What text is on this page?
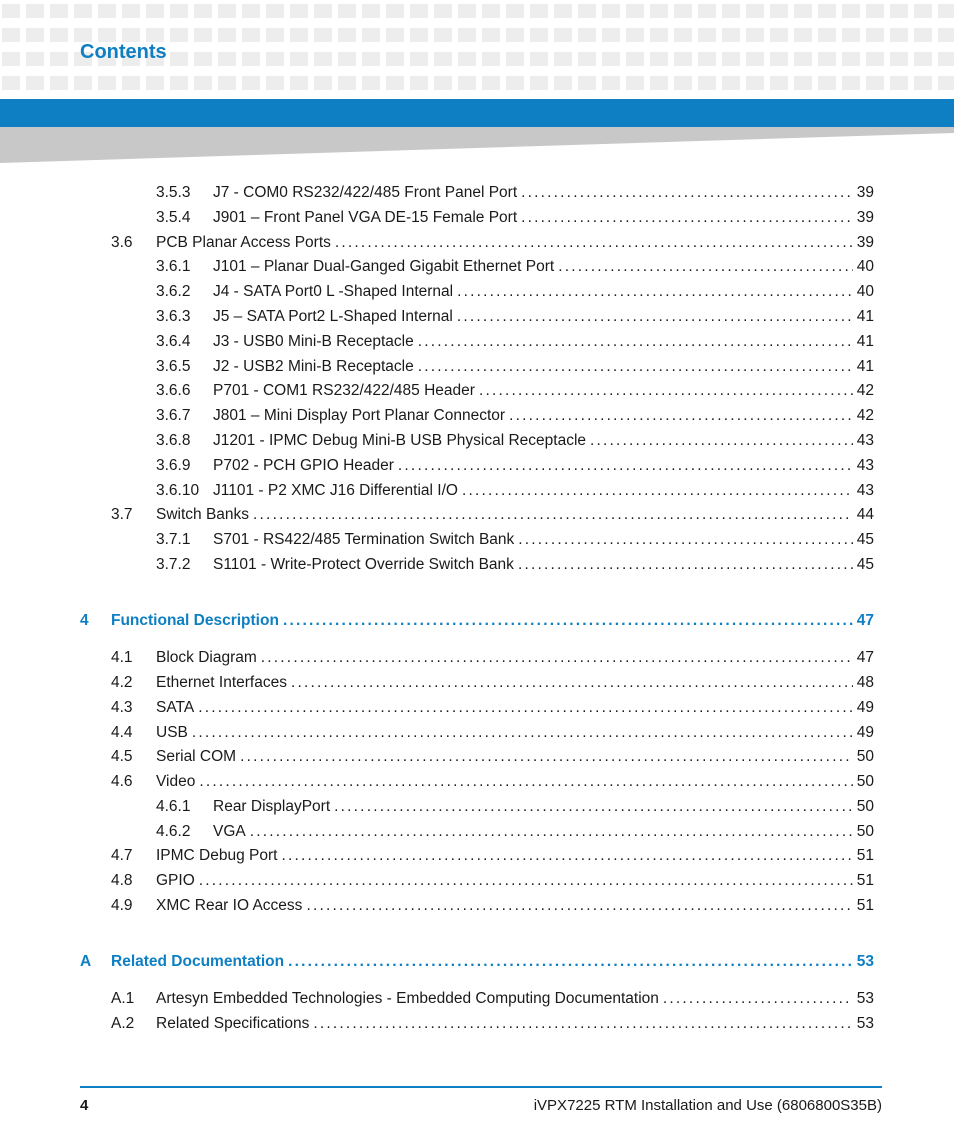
Contents
3.5.3	J7 - COM0 RS232/422/485 Front Panel Port .....	39
3.5.4	J901 – Front Panel VGA DE-15 Female Port .....	39
3.6	PCB Planar Access Ports .....	39
3.6.1	J101 – Planar Dual-Ganged Gigabit Ethernet Port .....	40
3.6.2	J4 - SATA Port0 L -Shaped Internal .....	40
3.6.3	J5 – SATA Port2 L-Shaped Internal .....	41
3.6.4	J3 - USB0 Mini-B Receptacle .....	41
3.6.5	J2 - USB2 Mini-B Receptacle .....	41
3.6.6	P701 - COM1 RS232/422/485 Header .....	42
3.6.7	J801 – Mini Display Port Planar Connector .....	42
3.6.8	J1201 - IPMC Debug Mini-B USB Physical Receptacle .....	43
3.6.9	P702 - PCH GPIO Header .....	43
3.6.10 J1101 - P2 XMC J16 Differential I/O .....	43
3.7	Switch Banks .....	44
3.7.1	S701 - RS422/485 Termination Switch Bank .....	45
3.7.2	S1101 - Write-Protect Override Switch Bank .....	45
4	Functional Description .....	47
4.1	Block Diagram .....	47
4.2	Ethernet Interfaces .....	48
4.3	SATA .....	49
4.4	USB .....	49
4.5	Serial COM .....	50
4.6	Video .....	50
4.6.1	Rear DisplayPort .....	50
4.6.2	VGA .....	50
4.7	IPMC Debug Port .....	51
4.8	GPIO .....	51
4.9	XMC Rear IO Access .....	51
A	Related Documentation .....	53
A.1	Artesyn Embedded Technologies - Embedded Computing Documentation .....	53
A.2	Related Specifications .....	53
4	iVPX7225 RTM Installation and Use (6806800S35B)
